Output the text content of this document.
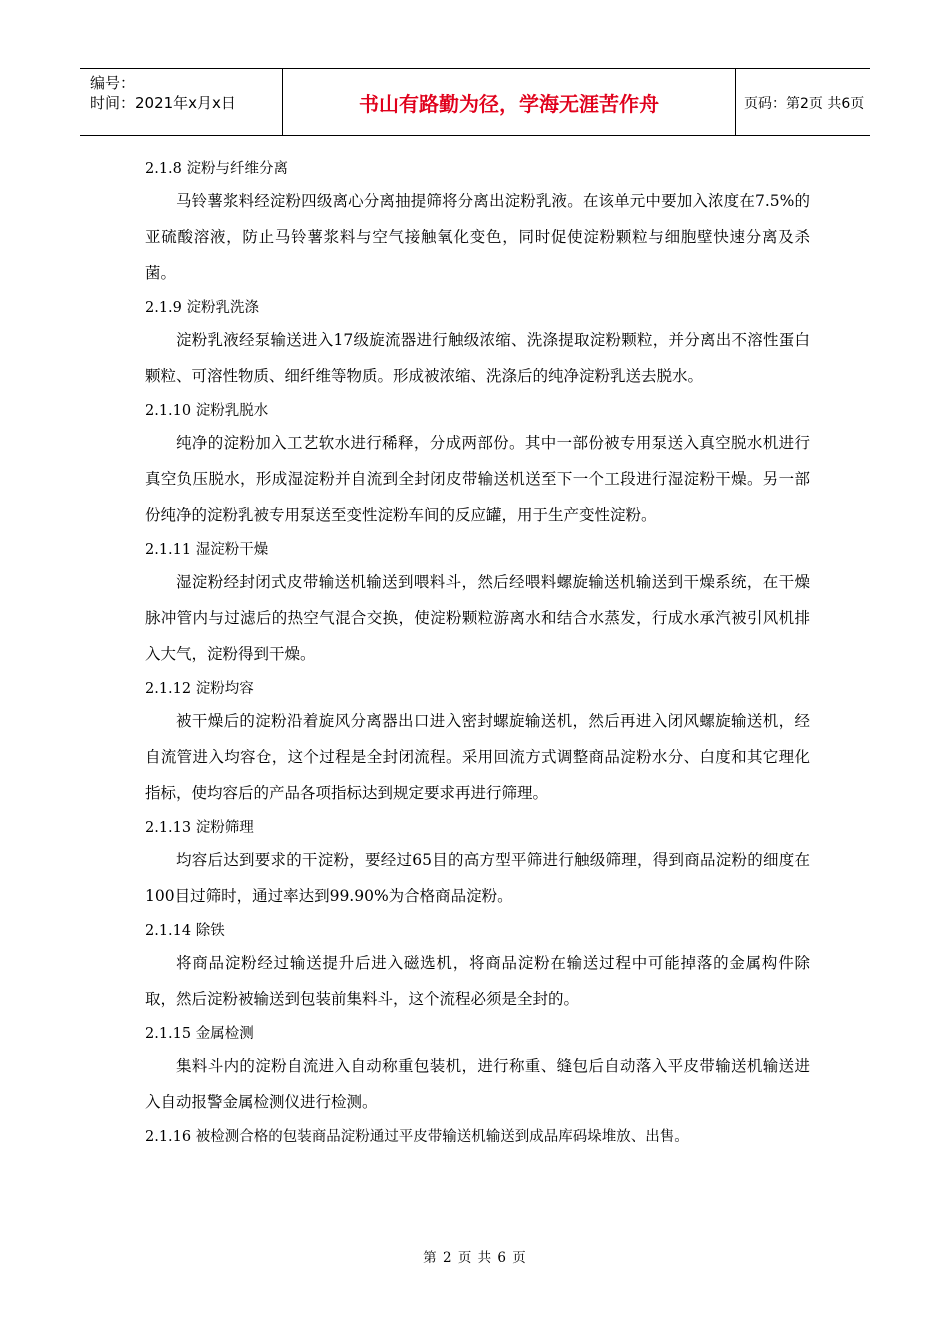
编号：
时间：2021年x月x日	书山有路勤为径，学海无涯苦作舟	页码：第2页 共6页
2.1.8 淀粉与纤维分离

马铃薯浆料经淀粉四级离心分离抽提筛将分离出淀粉乳液。在该单元中要加入浓度在7.5%的亚硫酸溶液，防止马铃薯浆料与空气接触氧化变色，同时促使淀粉颗粒与细胞壁快速分离及杀菌。

2.1.9 淀粉乳洗涤

淀粉乳液经泵输送进入17级旋流器进行触级浓缩、洗涤提取淀粉颗粒，并分离出不溶性蛋白颗粒、可溶性物质、细纤维等物质。形成被浓缩、洗涤后的纯净淀粉乳送去脱水。

2.1.10 淀粉乳脱水

纯净的淀粉加入工艺软水进行稀释，分成两部份。其中一部份被专用泵送入真空脱水机进行真空负压脱水，形成湿淀粉并自流到全封闭皮带输送机送至下一个工段进行湿淀粉干燥。另一部份纯净的淀粉乳被专用泵送至变性淀粉车间的反应罐，用于生产变性淀粉。

2.1.11 湿淀粉干燥

湿淀粉经封闭式皮带输送机输送到喂料斗，然后经喂料螺旋输送机输送到干燥系统，在干燥脉冲管内与过滤后的热空气混合交换，使淀粉颗粒游离水和结合水蒸发，行成水承汽被引风机排入大气，淀粉得到干燥。

2.1.12 淀粉均容

被干燥后的淀粉沿着旋风分离器出口进入密封螺旋输送机，然后再进入闭风螺旋输送机，经自流管进入均容仓，这个过程是全封闭流程。采用回流方式调整商品淀粉水分、白度和其它理化指标，使均容后的产品各项指标达到规定要求再进行筛理。

2.1.13 淀粉筛理

均容后达到要求的干淀粉，要经过65目的高方型平筛进行触级筛理，得到商品淀粉的细度在100目过筛时，通过率达到99.90%为合格商品淀粉。

2.1.14 除铁

将商品淀粉经过输送提升后进入磁选机，将商品淀粉在输送过程中可能掉落的金属构件除取，然后淀粉被输送到包装前集料斗，这个流程必须是全封的。

2.1.15 金属检测

集料斗内的淀粉自流进入自动称重包装机，进行称重、缝包后自动落入平皮带输送机输送进入自动报警金属检测仪进行检测。

2.1.16 被检测合格的包装商品淀粉通过平皮带输送机输送到成品库码垛堆放、出售。
第 2 页 共 6 页
